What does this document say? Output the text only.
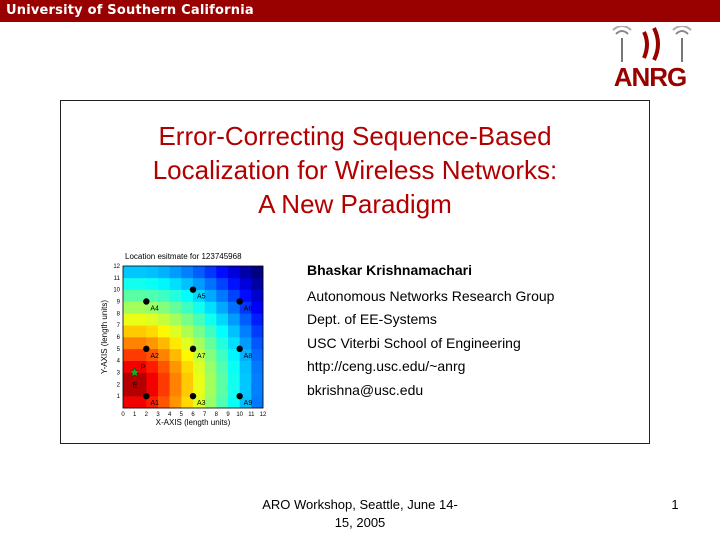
University of Southern California
ANRG
Error-Correcting Sequence-Based
Localization for Wireless Networks:
A New Paradigm
Location esitmate for 123745968
0 1 2 3 4 5 6 7 8 9 10 11 12
1
2
3
4
5
6
7
8
9
10
11
12
X-AXIS (length units)
Y-AXIS (length units)
A1
A2
A3
A4
A5
A6
A7	A8
A9
P
E
Bhaskar Krishnamachari
Autonomous Networks Research Group
Dept. of EE-Systems
USC Viterbi School of Engineering
http://ceng.usc.edu/~anrg
bkrishna@usc.edu
ARO Workshop, Seattle, June 14-
15, 2005
1
